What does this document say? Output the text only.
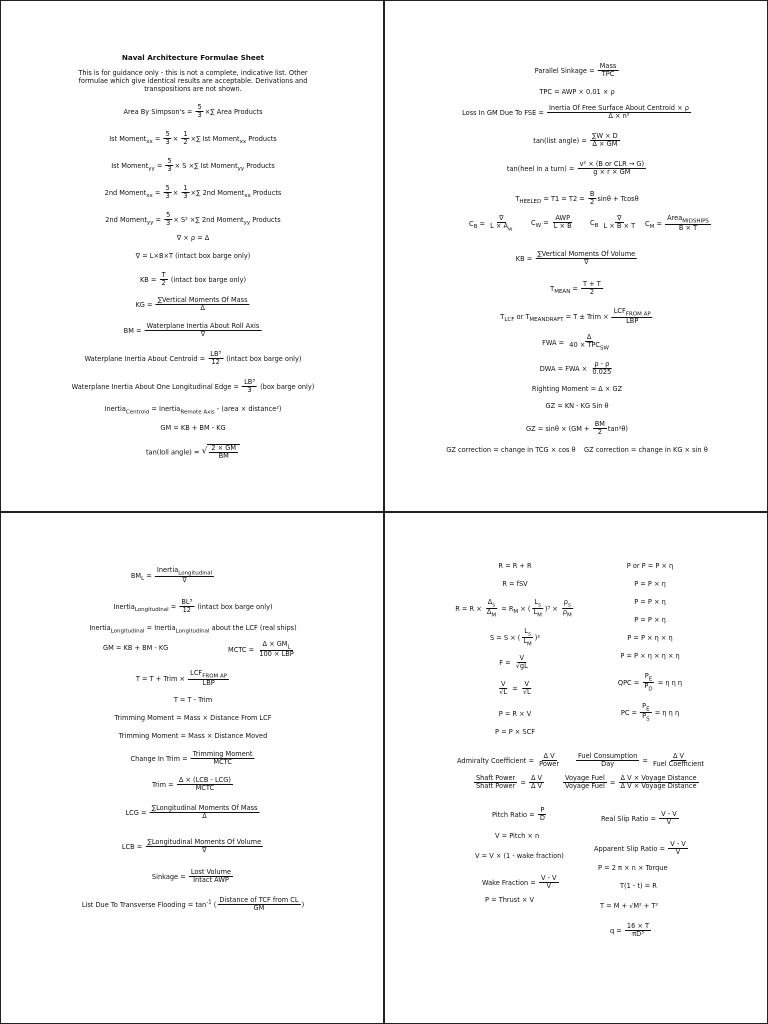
Naval Architecture Formulae Sheet
This is for guidance only - this is not a complete, indicative list. Other formulae which give identical results are acceptable. Derivations and transpositions are not shown.
Area By Simpson's = $\frac{5}{3}$ ×∑ Area Products
Ist Moment$_{xx}$ = $\frac{5}{3} \times \frac{1}{2}$ ×∑ Ist Moment$_{xx}$ Products
Ist Moment$_{yy}$ = $\frac{5}{3} \times S$ ×∑ Ist Moment$_{yy}$ Products
2nd Moment$_{xx}$ = $\frac{5}{3} \times \frac{1}{3}$ ×∑ 2nd Moment$_{xx}$ Products
2nd Moment$_{yy}$ = $\frac{5}{3} \times S^2$ ×∑ 2nd Moment$_{yy}$ Products
∇ × ρ = Δ
∇ = L×B×T (intact box barge only)
KB = $\frac{T}{2}$ (intact box barge only)
KG = $\frac{\text{∑Vertical Moments Of Mass}}{\Delta}$
BM = $\frac{\text{Waterplane Inertia About Roll Axis}}{\nabla}$
Waterplane Inertia About Centroid = $\frac{\text{LB³}}{12}$ (intact box barge only)
Waterplane Inertia About One Longitudinal Edge = $\frac{\text{LB³}}{3} (box$ barge only)
Inertia$_{Centroid}$ = Inertia$_{Remote Axis}$ - (area × distance²)
GM = KB + BM - KG
tan(loll angle) = √ $\frac{2 \times GM}{BM}$
Parallel Sinkage = $\frac{\text{Mass}}{\text{TPC}}$
TPC = AWP × 0.01 × ρ
Loss In GM Due To FSE = $\frac{\text{Inertia Of Free Surface About Centroid × ρ}}{\text{Δ × n²}}$
tan(list angle) = $\frac{\sum W \times D}{\Delta \times GM}$
tan(heel in a turn) = $\frac{\text{v² × (B or CLR → G)}}{g \times r \times GM}$
$T_{HEELED} = T1 = T2 = \frac{B}{2}$ sinθ + Tcosθ
$C_B = \frac{\nabla}{L \times A_w} C_W = \frac{\text{AWP}}{L \times B} C_B \frac{\nabla}{L \times B \times T} C_M = \frac{Area_{MIDSHIPS}}{B \times T}$
KB = $\frac{\text{∑Vertical Moments Of Volume}}{\nabla}$
$T_{MEAN} = \frac{T + T}{2}$
$T_{LCF}$ or $T_{MEANDRAFT} = T$ ± Trim × $\frac{LCF_{FROM AP}}{\text{LBP}}$
FWA = $\frac{\Delta}{40 \times TPC_{SW}}$
DWA = FWA × $\frac{\rho - \rho}{0.025}$
Righting Moment = Δ × GZ
GZ = KN - KG Sin θ
GZ = $\sin\theta \times (GM + \frac{BM}{2} \tan^2\theta)$
GZ correction = change in TCG × cos θ GZ correction = change in KG × sin θ
$BM_L = \frac{Inertia_{Longitudinal}}{\nabla}$
Inertia$_{Longitudinal}$ = $\frac{\text{BL³}}{12}$ (intact box barge only)
Inertia$_{Longitudinal}$ = Inertia$_{Longitudinal}$ about the LCF (real ships)
GM = KB + BM - KG	MCTC = $\frac{\Delta \times GM_L}{\text{100 × LBP}}$
T = T + Trim × $\frac{LCF_{FROM AP}}{\text{LBP}}$
T = T - Trim
Trimming Moment = Mass × Distance From LCF
Trimming Moment = Mass × Distance Moved
Change In Trim = $\frac{\text{Trimming Moment}}{\text{MCTC}}$
Trim = $\frac{\text{Δ × (LCB - LCG)}}{\text{MCTC}}$
LCG = $\frac{\text{∑Longitudinal Moments Of Mass}}{\Delta}$
LCB = $\frac{\text{∑Longitudinal Moments Of Volume}}{\nabla}$
Sinkage = $\frac{\text{Lost Volume}}{\text{Intact AWP}}$
List Due To Transverse Flooding = $\tan^{-1}$ ( $\frac{\text{Distance of TCF from CL}}{GM}$ )
R = R + R
R = fSV
$R = R \times \frac{\Delta_s}{\Delta_M} = R_M$ × ( $\frac{L_s}{L_M} )^3 \times \frac{\rho_s}{\rho_M}$
S = S × ( $\frac{L_s}{L_M} )^2$
$F = \frac{V}{√gL}$
$\frac{V}{√L} = \frac{V}{√L}$
P = R × V
P = P × SCF
P or P = P × η
P = P × η
P = P × η
P = P × η
P = P × η × η
P = P × η × η × η
QPC = $\frac{P_E}{P_D} = \eta$ η η
PC = $\frac{P_E}{P_S} = \eta$ η η
Admiralty Coefficient = $\frac{\text{Δ V}}{\text{Power}} \frac{\text{Fuel Consumption}}{\text{Day}} = \frac{\text{Δ V}}{\text{Fuel Coefficient}}$
$\frac{\text{Shaft Power}}{\text{Shaft Power}} = \frac{\text{Δ V}}{\text{Δ V}}$	$\frac{\text{Voyage Fuel}}{\text{Voyage Fuel}} = \frac{\text{Δ V × Voyage Distance}}{\text{Δ V × Voyage Distance}}$
Pitch Ratio = $\frac{P}{D}$	Real Slip Ratio = $\frac{V - V}{V}$
V = Pitch × n
Apparent Slip Ratio = $\frac{V - V}{V}$
V = V × (1 - wake fraction)
P = 2 π × n × Torque
Wake Fraction = $\frac{V - V}{V}$	T(1 - t) = R
P = Thrust × V
T = M + √M² + T²
$q = \frac{16 \times T}{\text{πD³}}$
